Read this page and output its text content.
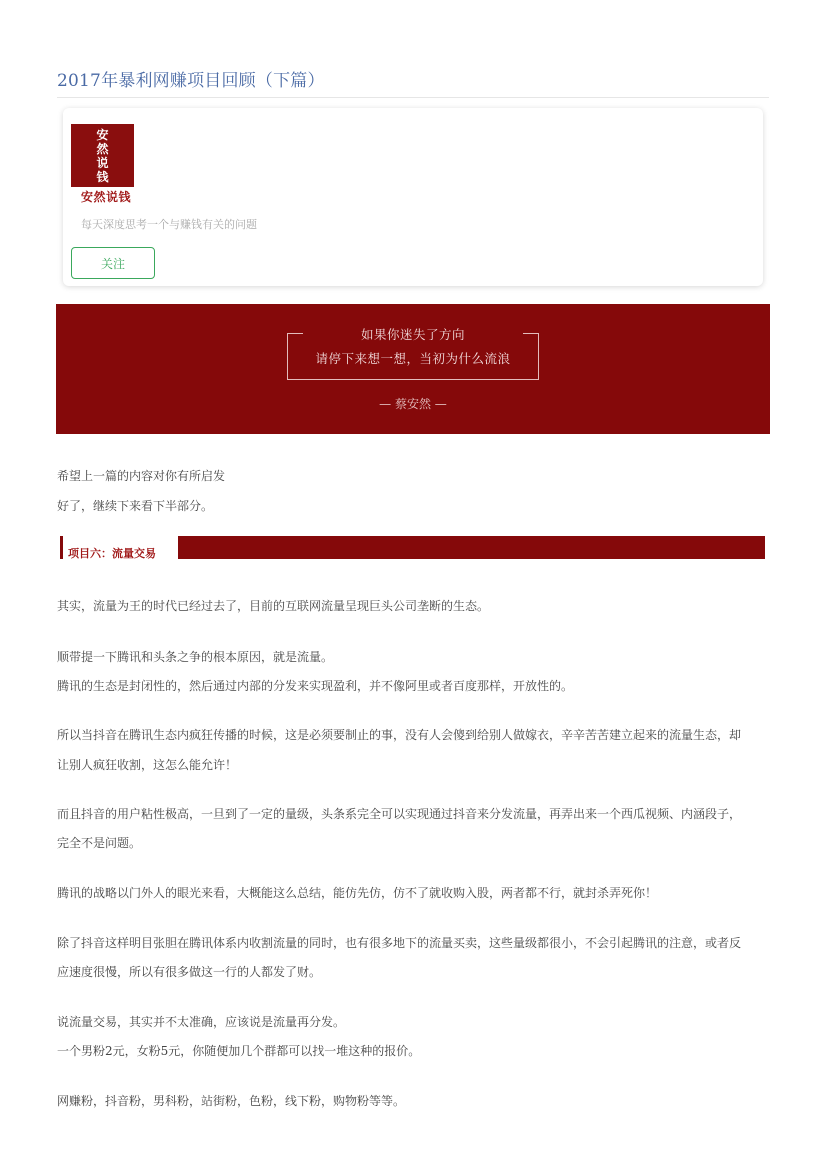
2017年暴利网赚项目回顾（下篇）
安
然
说
钱
安然说钱
每天深度思考一个与赚钱有关的问题
关注
如果你迷失了方向
请停下来想一想，当初为什么流浪
— 蔡安然 —
希望上一篇的内容对你有所启发
好了，继续下来看下半部分。
项目六：流量交易
其实，流量为王的时代已经过去了，目前的互联网流量呈现巨头公司垄断的生态。
顺带提一下腾讯和头条之争的根本原因，就是流量。
腾讯的生态是封闭性的，然后通过内部的分发来实现盈利，并不像阿里或者百度那样，开放性的。
所以当抖音在腾讯生态内疯狂传播的时候，这是必须要制止的事，没有人会傻到给别人做嫁衣，辛辛苦苦建立起来的流量生态，却
让别人疯狂收割，这怎么能允许！
而且抖音的用户粘性极高，一旦到了一定的量级，头条系完全可以实现通过抖音来分发流量，再弄出来一个西瓜视频、内涵段子，
完全不是问题。
腾讯的战略以门外人的眼光来看，大概能这么总结，能仿先仿，仿不了就收购入股，两者都不行，就封杀弄死你！
除了抖音这样明目张胆在腾讯体系内收割流量的同时，也有很多地下的流量买卖，这些量级都很小，不会引起腾讯的注意，或者反
应速度很慢，所以有很多做这一行的人都发了财。
说流量交易，其实并不太准确，应该说是流量再分发。
一个男粉2元，女粉5元，你随便加几个群都可以找一堆这种的报价。
网赚粉，抖音粉，男科粉，站街粉，色粉，线下粉，购物粉等等。
